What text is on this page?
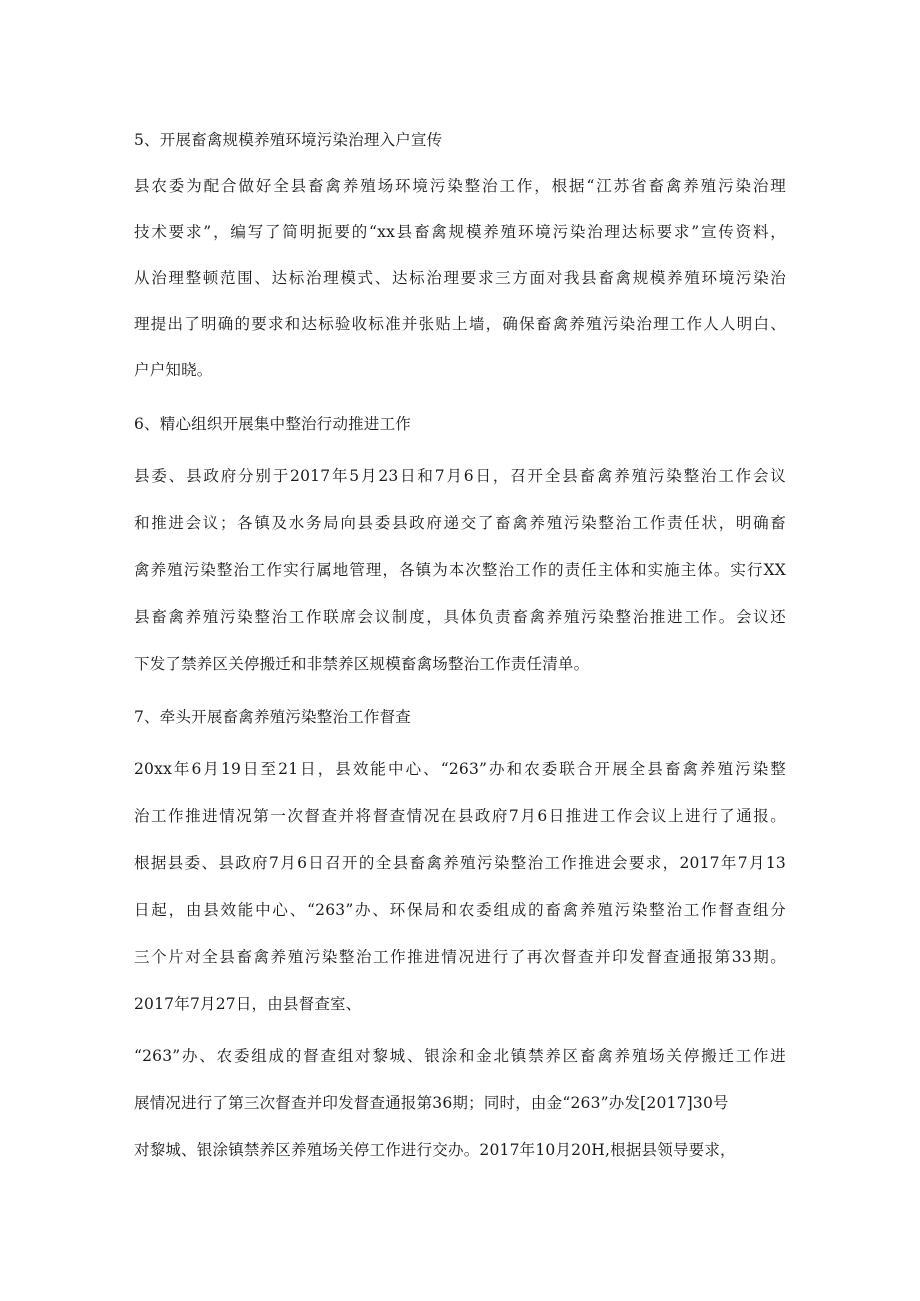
5、开展畜禽规模养殖环境污染治理入户宣传
县农委为配合做好全县畜禽养殖场环境污染整治工作，根据“江苏省畜禽养殖污染治理
技术要求”，编写了简明扼要的“xx县畜禽规模养殖环境污染治理达标要求”宣传资料，
从治理整顿范围、达标治理模式、达标治理要求三方面对我县畜禽规模养殖环境污染治
理提出了明确的要求和达标验收标准并张贴上墙，确保畜禽养殖污染治理工作人人明白、
户户知晓。
6、精心组织开展集中整治行动推进工作
县委、县政府分别于2017年5月23日和7月6日，召开全县畜禽养殖污染整治工作会议
和推进会议；各镇及水务局向县委县政府递交了畜禽养殖污染整治工作责任状，明确畜
禽养殖污染整治工作实行属地管理，各镇为本次整治工作的责任主体和实施主体。实行XX
县畜禽养殖污染整治工作联席会议制度，具体负责畜禽养殖污染整治推进工作。会议还
下发了禁养区关停搬迁和非禁养区规模畜禽场整治工作责任清单。
7、牵头开展畜禽养殖污染整治工作督查
20xx年6月19日至21日，县效能中心、“263”办和农委联合开展全县畜禽养殖污染整
治工作推进情况第一次督查并将督查情况在县政府7月6日推进工作会议上进行了通报。
根据县委、县政府7月6日召开的全县畜禽养殖污染整治工作推进会要求，2017年7月13
日起，由县效能中心、“263”办、环保局和农委组成的畜禽养殖污染整治工作督查组分
三个片对全县畜禽养殖污染整治工作推进情况进行了再次督查并印发督查通报第33期。
2017年7月27日，由县督查室、
“263”办、农委组成的督查组对黎城、银涂和金北镇禁养区畜禽养殖场关停搬迁工作进
展情况进行了第三次督查并印发督查通报第36期；同时，由金“263”办发[2017]30号
对黎城、银涂镇禁养区养殖场关停工作进行交办。2017年10月20H,根据县领导要求，
